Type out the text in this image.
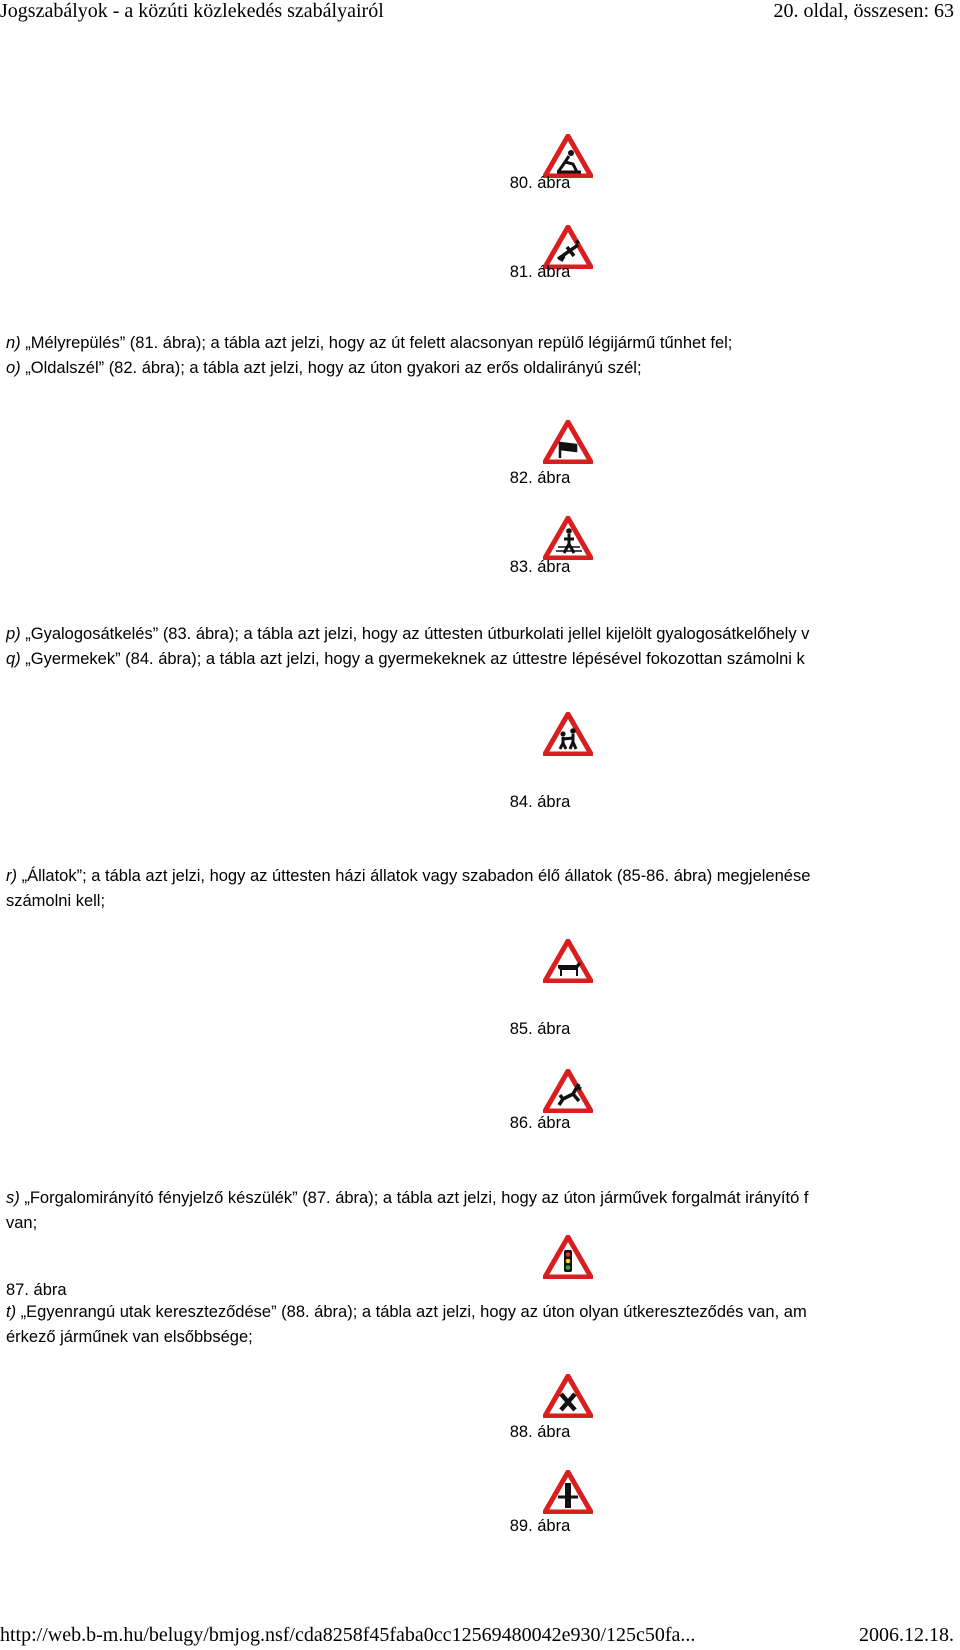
Jogszabályok - a közúti közlekedés szabályairól	20. oldal, összesen: 63
80. ábra
81. ábra
n) „Mélyrepülés” (81. ábra); a tábla azt jelzi, hogy az út felett alacsonyan repülő légijármű tűnhet fel;
o) „Oldalszél” (82. ábra); a tábla azt jelzi, hogy az úton gyakori az erős oldalirányú szél;
82. ábra
83. ábra
p) „Gyalogosátkelés” (83. ábra); a tábla azt jelzi, hogy az úttesten útburkolati jellel kijelölt gyalogosátkelőhely v
q) „Gyermekek” (84. ábra); a tábla azt jelzi, hogy a gyermekeknek az úttestre lépésével fokozottan számolni k
84. ábra
r) „Állatok”; a tábla azt jelzi, hogy az úttesten házi állatok vagy szabadon élő állatok (85-86. ábra) megjelenése
számolni kell;
85. ábra
86. ábra
s) „Forgalomirányító fényjelző készülék” (87. ábra); a tábla azt jelzi, hogy az úton járművek forgalmát irányító f
van;
87. ábra
t) „Egyenrangú utak kereszteződése” (88. ábra); a tábla azt jelzi, hogy az úton olyan útkereszteződés van, am
érkező járműnek van elsőbbsége;
88. ábra
89. ábra
http://web.b-m.hu/belugy/bmjog.nsf/cda8258f45faba0cc12569480042e930/125c50fa...	2006.12.18.
